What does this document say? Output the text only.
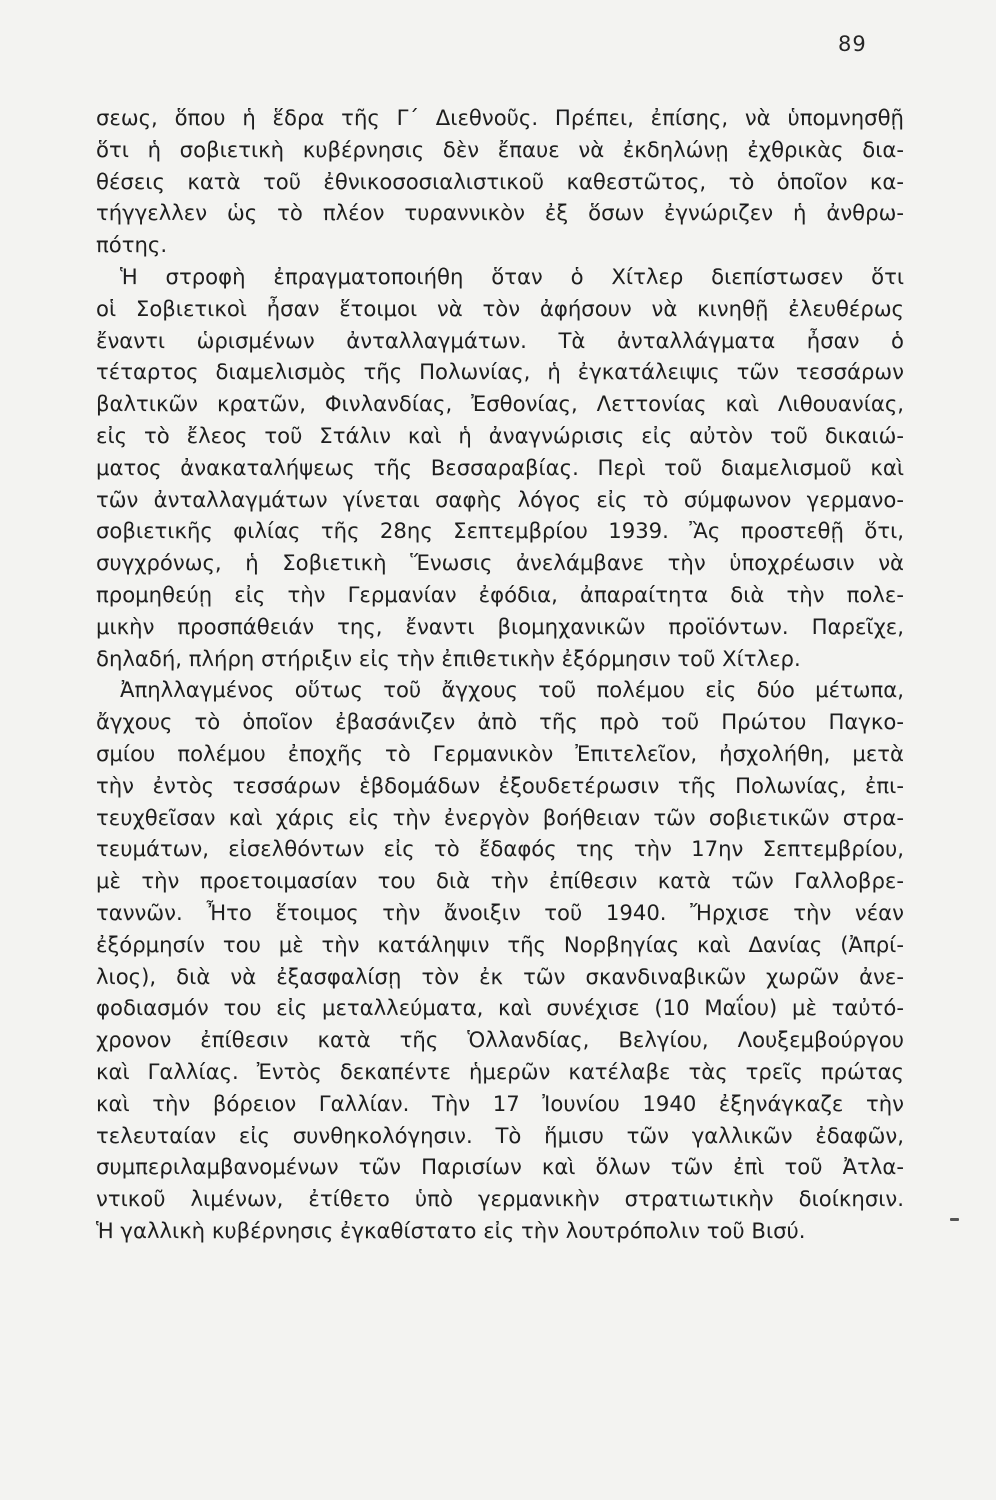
89
σεως, ὅπου ἡ ἕδρα τῆς Γ΄ Διεθνοῦς. Πρέπει, ἐπίσης, νὰ ὑπομνησθῇ
ὅτι ἡ σοβιετικὴ κυβέρνησις δὲν ἔπαυε νὰ ἐκδηλώνῃ ἐχθρικὰς δια-
θέσεις κατὰ τοῦ ἐθνικοσοσιαλιστικοῦ καθεστῶτος, τὸ ὁποῖον κα-
τήγγελλεν ὡς τὸ πλέον τυραννικὸν ἐξ ὅσων ἐγνώριζεν ἡ ἀνθρω-
πότης.
Ἡ στροφὴ ἐπραγματοποιήθη ὅταν ὁ Χίτλερ διεπίστωσεν ὅτι
οἱ Σοβιετικοὶ ἦσαν ἕτοιμοι νὰ τὸν ἀφήσουν νὰ κινηθῇ ἐλευθέρως
ἔναντι ὡρισμένων ἀνταλλαγμάτων. Τὰ ἀνταλλάγματα ἦσαν ὁ
τέταρτος διαμελισμὸς τῆς Πολωνίας, ἡ ἐγκατάλειψις τῶν τεσσάρων
βαλτικῶν κρατῶν, Φινλανδίας, Ἐσθονίας, Λεττονίας καὶ Λιθουανίας,
εἰς τὸ ἔλεος τοῦ Στάλιν καὶ ἡ ἀναγνώρισις εἰς αὐτὸν τοῦ δικαιώ-
ματος ἀνακαταλήψεως τῆς Βεσσαραβίας. Περὶ τοῦ διαμελισμοῦ καὶ
τῶν ἀνταλλαγμάτων γίνεται σαφὴς λόγος εἰς τὸ σύμφωνον γερμανο-
σοβιετικῆς φιλίας τῆς 28ης Σεπτεμβρίου 1939. Ἂς προστεθῇ ὅτι,
συγχρόνως, ἡ Σοβιετικὴ Ἕνωσις ἀνελάμβανε τὴν ὑποχρέωσιν νὰ
προμηθεύῃ εἰς τὴν Γερμανίαν ἐφόδια, ἀπαραίτητα διὰ τὴν πολε-
μικὴν προσπάθειάν της, ἔναντι βιομηχανικῶν προϊόντων. Παρεῖχε,
δηλαδή, πλήρη στήριξιν εἰς τὴν ἐπιθετικὴν ἐξόρμησιν τοῦ Χίτλερ.
Ἀπηλλαγμένος οὕτως τοῦ ἄγχους τοῦ πολέμου εἰς δύο μέτωπα,
ἄγχους τὸ ὁποῖον ἐβασάνιζεν ἀπὸ τῆς πρὸ τοῦ Πρώτου Παγκο-
σμίου πολέμου ἐποχῆς τὸ Γερμανικὸν Ἐπιτελεῖον, ἠσχολήθη, μετὰ
τὴν ἐντὸς τεσσάρων ἑβδομάδων ἐξουδετέρωσιν τῆς Πολωνίας, ἐπι-
τευχθεῖσαν καὶ χάρις εἰς τὴν ἐνεργὸν βοήθειαν τῶν σοβιετικῶν στρα-
τευμάτων, εἰσελθόντων εἰς τὸ ἔδαφός της τὴν 17ην Σεπτεμβρίου,
μὲ τὴν προετοιμασίαν του διὰ τὴν ἐπίθεσιν κατὰ τῶν Γαλλοβρε-
ταννῶν. Ἦτο ἕτοιμος τὴν ἄνοιξιν τοῦ 1940. Ἤρχισε τὴν νέαν
ἐξόρμησίν του μὲ τὴν κατάληψιν τῆς Νορβηγίας καὶ Δανίας (Ἀπρί-
λιος), διὰ νὰ ἐξασφαλίσῃ τὸν ἐκ τῶν σκανδιναβικῶν χωρῶν ἀνε-
φοδιασμόν του εἰς μεταλλεύματα, καὶ συνέχισε (10 Μαΐου) μὲ ταὐτό-
χρονον ἐπίθεσιν κατὰ τῆς Ὁλλανδίας, Βελγίου, Λουξεμβούργου
καὶ Γαλλίας. Ἐντὸς δεκαπέντε ἡμερῶν κατέλαβε τὰς τρεῖς πρώτας
καὶ τὴν βόρειον Γαλλίαν. Τὴν 17 Ἰουνίου 1940 ἐξηνάγκαζε τὴν
τελευταίαν εἰς συνθηκολόγησιν. Τὸ ἥμισυ τῶν γαλλικῶν ἐδαφῶν,
συμπεριλαμβανομένων τῶν Παρισίων καὶ ὅλων τῶν ἐπὶ τοῦ Ἀτλα-
ντικοῦ λιμένων, ἐτίθετο ὑπὸ γερμανικὴν στρατιωτικὴν διοίκησιν.
Ἡ γαλλικὴ κυβέρνησις ἐγκαθίστατο εἰς τὴν λουτρόπολιν τοῦ Βισύ.
